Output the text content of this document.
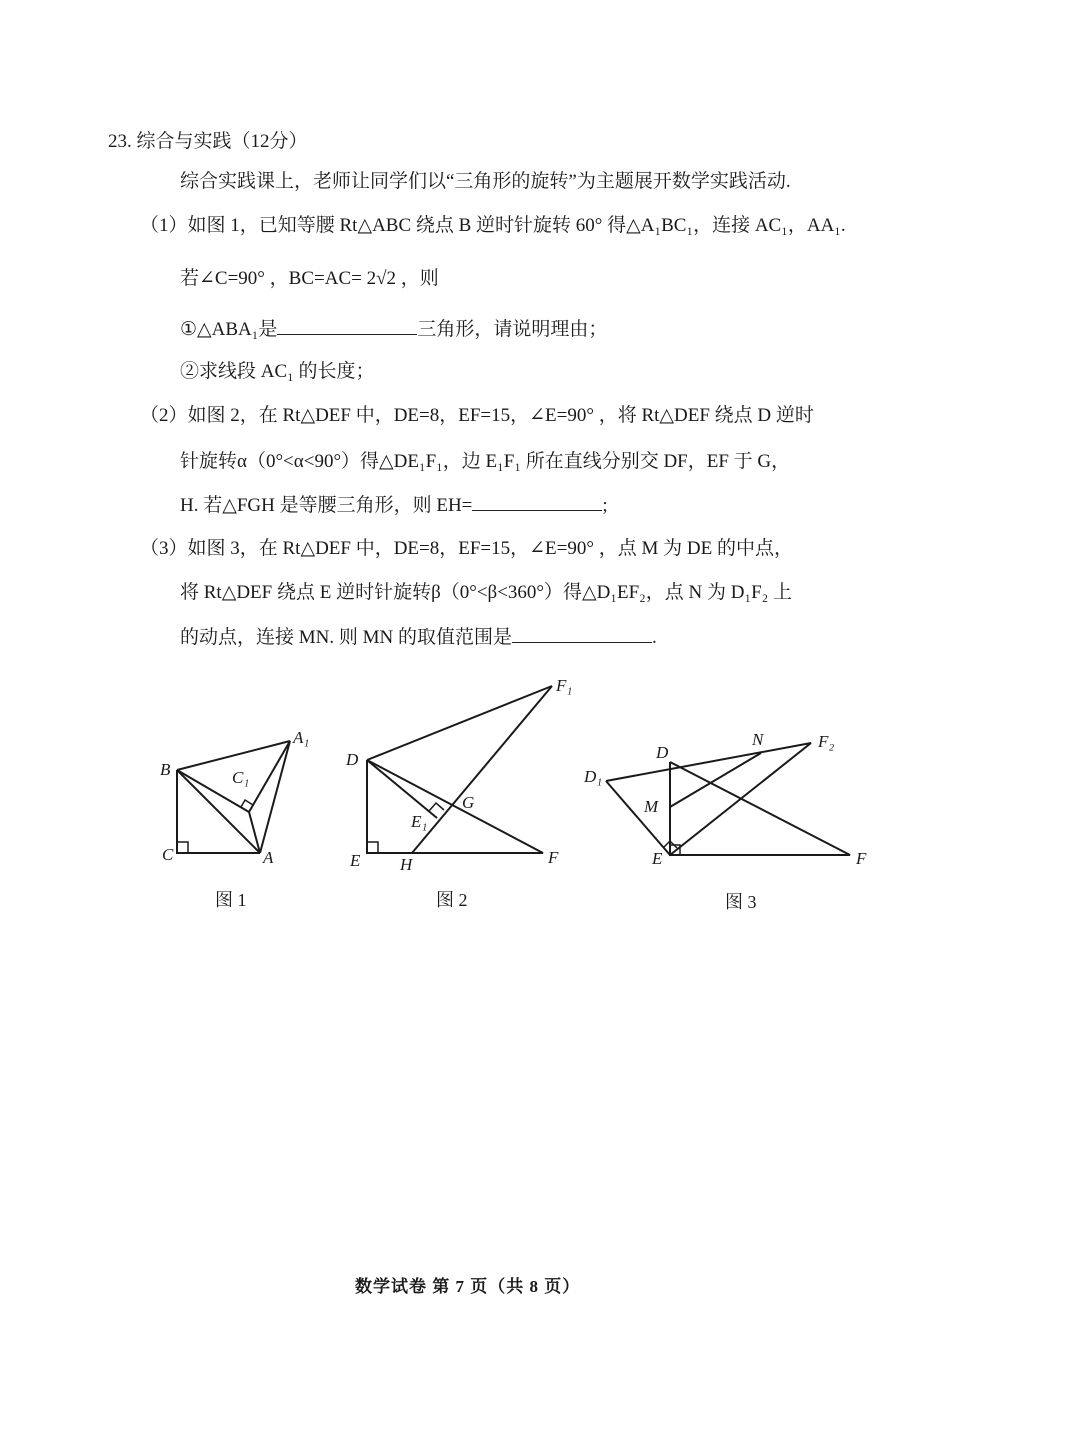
23. 综合与实践（12分）
综合实践课上，老师让同学们以“三角形的旋转”为主题展开数学实践活动.
（1）如图 1，已知等腰 Rt△ABC 绕点 B 逆时针旋转 60° 得△A₁BC₁，连接 AC₁，AA₁.
若∠C=90° ，BC=AC= 2√2 ，则
①△ABA₁是	三角形，请说明理由；
②求线段 AC₁ 的长度；
（2）如图 2，在 Rt△DEF 中，DE=8，EF=15，∠E=90° ，将 Rt△DEF 绕点 D 逆时
针旋转α（0°<α<90°）得△DE₁F₁，边 E₁F₁ 所在直线分别交 DF，EF 于 G，
H. 若△FGH 是等腰三角形，则 EH=	;
（3）如图 3，在 Rt△DEF 中，DE=8，EF=15，∠E=90° ，点 M 为 DE 的中点，
将 Rt△DEF 绕点 E 逆时针旋转β（0°<β<360°）得△D₁EF₂，点 N 为 D₁F₂ 上
的动点，连接 MN. 则 MN 的取值范围是	.
B
C	A
A₁
C₁
图 1
D
E	F
F₁
G
H
E₁
图 2
D
E	F
D₁
F₂
M
N
图 3
数学试卷 第 7 页（共 8 页）
